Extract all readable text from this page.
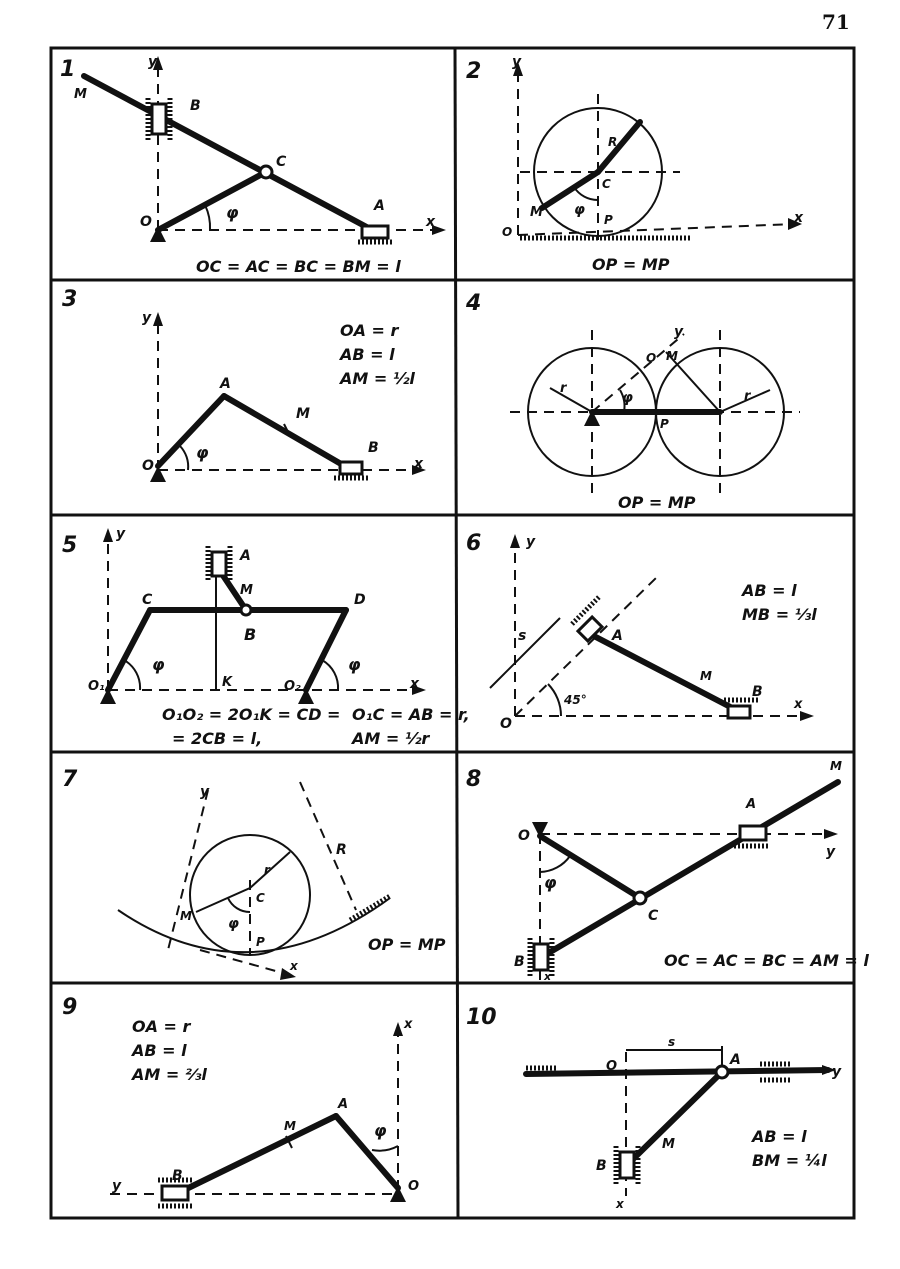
71
1	y
x
M
B
C
O
A
φ
OC = AC = BC = BM = l
2 y
x
O
M
C
P
R
φ
OP = MP
3
y
O
A
M
B
φ
x
OA = r
AB = l
AM = ½l
4
y
O M
P
r
r
φ
OP = MP
5	y
A
M
B
C	D
O₁	K	O₂
φ	φ
x
O₁O₂ = 2O₁K = CD =
= 2CB = l,
O₁C = AB = r,
AM = ½r
6	y
s	A
M
B
O
45°	x
AB = l
MB = ⅓l
7	y
R
r
C
M
P
φ
x
OP = MP
8
O
A
M
y
C
B
φ
x
OC = AC = BC = AM = l
9
B
M
A
O
φ
x
y
OA = r
AB = l
AM = ⅔l
10
O
s
A
y
M
B
x
AB = l
BM = ¼l
